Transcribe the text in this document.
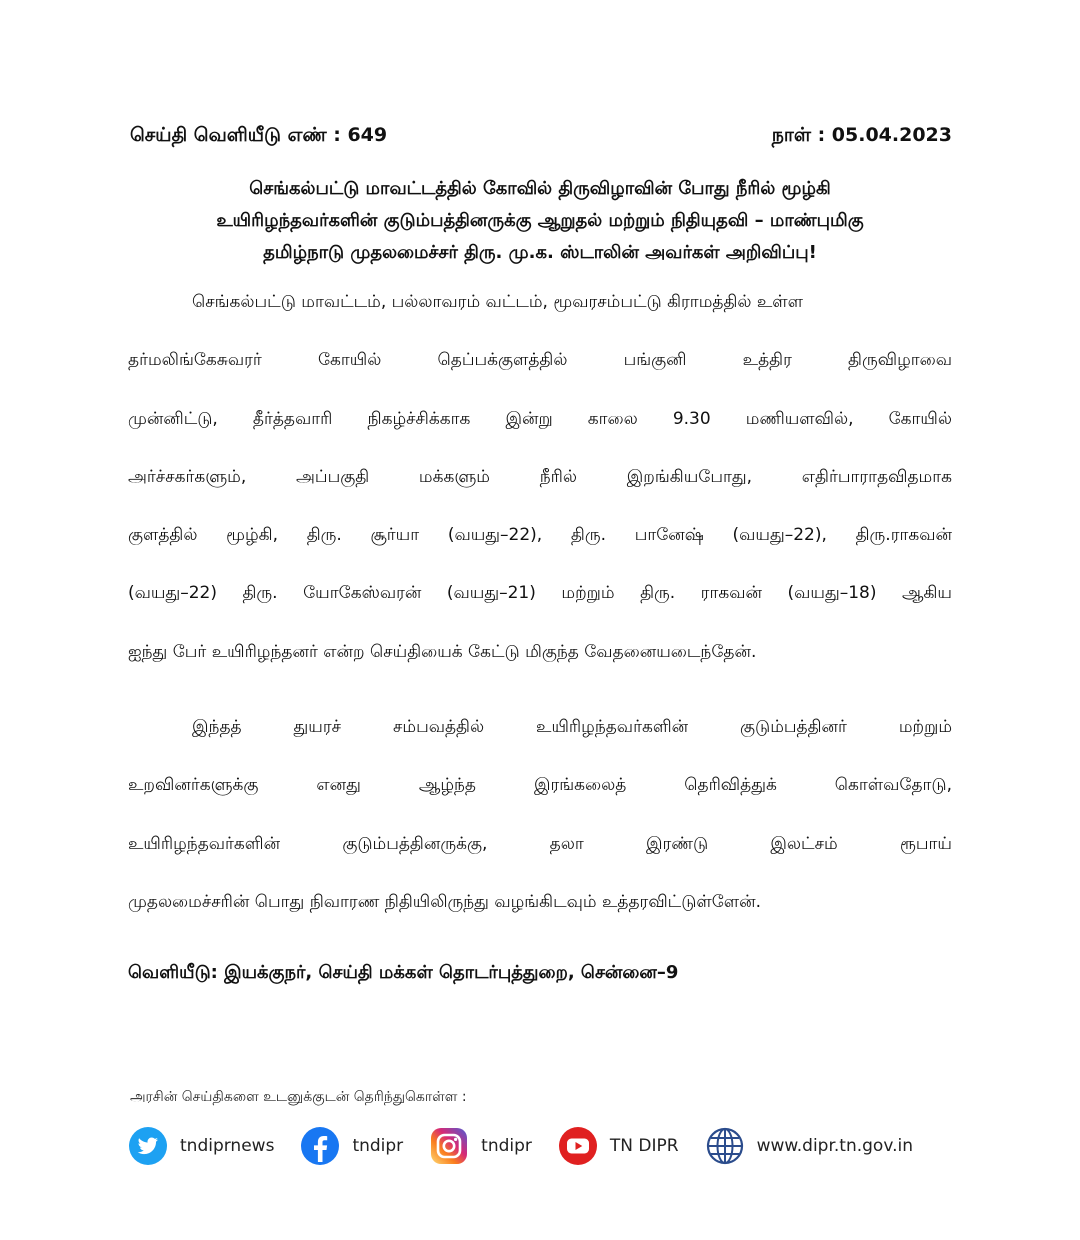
செய்தி வெளியீடு எண் : 649	நாள் : 05.04.2023
செங்கல்பட்டு மாவட்டத்தில் கோவில் திருவிழாவின் போது நீரில் மூழ்கி
உயிரிழந்தவர்களின் குடும்பத்தினருக்கு ஆறுதல் மற்றும் நிதியுதவி – மாண்புமிகு
தமிழ்நாடு முதலமைச்சர் திரு. மு.க. ஸ்டாலின் அவர்கள் அறிவிப்பு!
செங்கல்பட்டு மாவட்டம், பல்லாவரம் வட்டம், மூவரசம்பட்டு கிராமத்தில் உள்ள
தர்மலிங்கேசுவரர் கோயில் தெப்பக்குளத்தில் பங்குனி உத்திர திருவிழாவை
முன்னிட்டு, தீர்த்தவாரி நிகழ்ச்சிக்காக இன்று காலை 9.30 மணியளவில், கோயில்
அர்ச்சகர்களும், அப்பகுதி மக்களும் நீரில் இறங்கியபோது, எதிர்பாராதவிதமாக
குளத்தில் மூழ்கி, திரு. சூர்யா (வயது–22), திரு. பானேஷ் (வயது–22), திரு.ராகவன்
(வயது–22) திரு. யோகேஸ்வரன் (வயது–21) மற்றும் திரு. ராகவன் (வயது–18) ஆகிய
ஐந்து பேர் உயிரிழந்தனர் என்ற செய்தியைக் கேட்டு மிகுந்த வேதனையடைந்தேன்.
இந்தத் துயரச் சம்பவத்தில் உயிரிழந்தவர்களின் குடும்பத்தினர் மற்றும்
உறவினர்களுக்கு எனது ஆழ்ந்த இரங்கலைத் தெரிவித்துக் கொள்வதோடு,
உயிரிழந்தவர்களின் குடும்பத்தினருக்கு, தலா இரண்டு இலட்சம் ரூபாய்
முதலமைச்சரின் பொது நிவாரண நிதியிலிருந்து வழங்கிடவும் உத்தரவிட்டுள்ளேன்.
வெளியீடு: இயக்குநர், செய்தி மக்கள் தொடர்புத்துறை, சென்னை–9
அரசின் செய்திகளை உடனுக்குடன் தெரிந்துகொள்ள :
tndiprnews	tndipr	tndipr	TN DIPR	www.dipr.tn.gov.in
